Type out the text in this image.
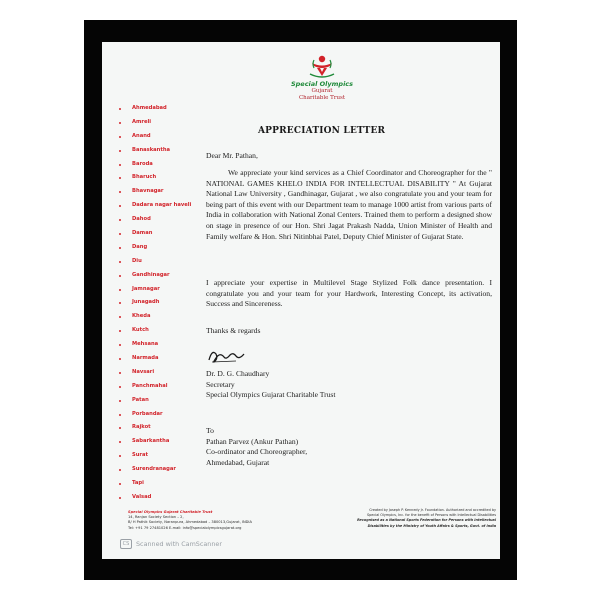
Special Olympics
Gujarat
Charitable Trust
Ahmedabad
Amreli
Anand
Banaskantha
Baroda
Bharuch
Bhavnagar
Dadara nagar haveli
Dahod
Daman
Dang
Diu
Gandhinagar
Jamnagar
Junagadh
Kheda
Kutch
Mehsana
Narmada
Navsari
Panchmahal
Patan
Porbandar
Rajkot
Sabarkantha
Surat
Surendranagar
Tapi
Valsad
APPRECIATION LETTER
Dear Mr. Pathan,
We appreciate your kind services as a Chief Coordinator and Choreographer for the " NATIONAL GAMES KHELO INDIA FOR INTELLECTUAL DISABILITY " At Gujarat National Law University , Gandhinagar, Gujarat , we also congratulate you and your team for being part of this event with our Department team to manage 1000 artist from various parts of India in collaboration with National Zonal Centers. Trained them to perform a designed show on stage in presence of our Hon. Shri Jagat Prakash Nadda, Union Minister of Health and Family welfare & Hon. Shri Nitinbhai Patel, Deputy Chief Minister of Gujarat State.
I appreciate your expertise in Multilevel Stage Stylized Folk dance presentation. I congratulate you and your team for your Hardwork, Interesting Concept, its activation, Success and Sincereness.
Thanks & regards
Dr. D. G. Chaudhary
Secretary
Special Olympics Gujarat Charitable Trust
To
Pathan Parvez (Ankur Pathan)
Co-ordinator and Choreographer,
Ahmedabad, Gujarat
Special Olympics Gujarat Charitable Trust
14, Ranjan Society Section – 2,
B/ H Pathik Society, Naranpura, Ahmedabad – 380013,Gujarat, INDIA
Tel: +91 79 27481026 E-mail: info@specialolympicsgujarat.org
Created by Joseph P. Kennedy Jr. Foundation. Authorized and accredited by
Special Olympics, Inc. for the benefit of Persons with Intellectual Disabilities
Recognised as a National Sports Federation for Persons with Intellectual
Disabilities by the Ministry of Youth Affairs & Sports, Govt. of India
CS Scanned with CamScanner
